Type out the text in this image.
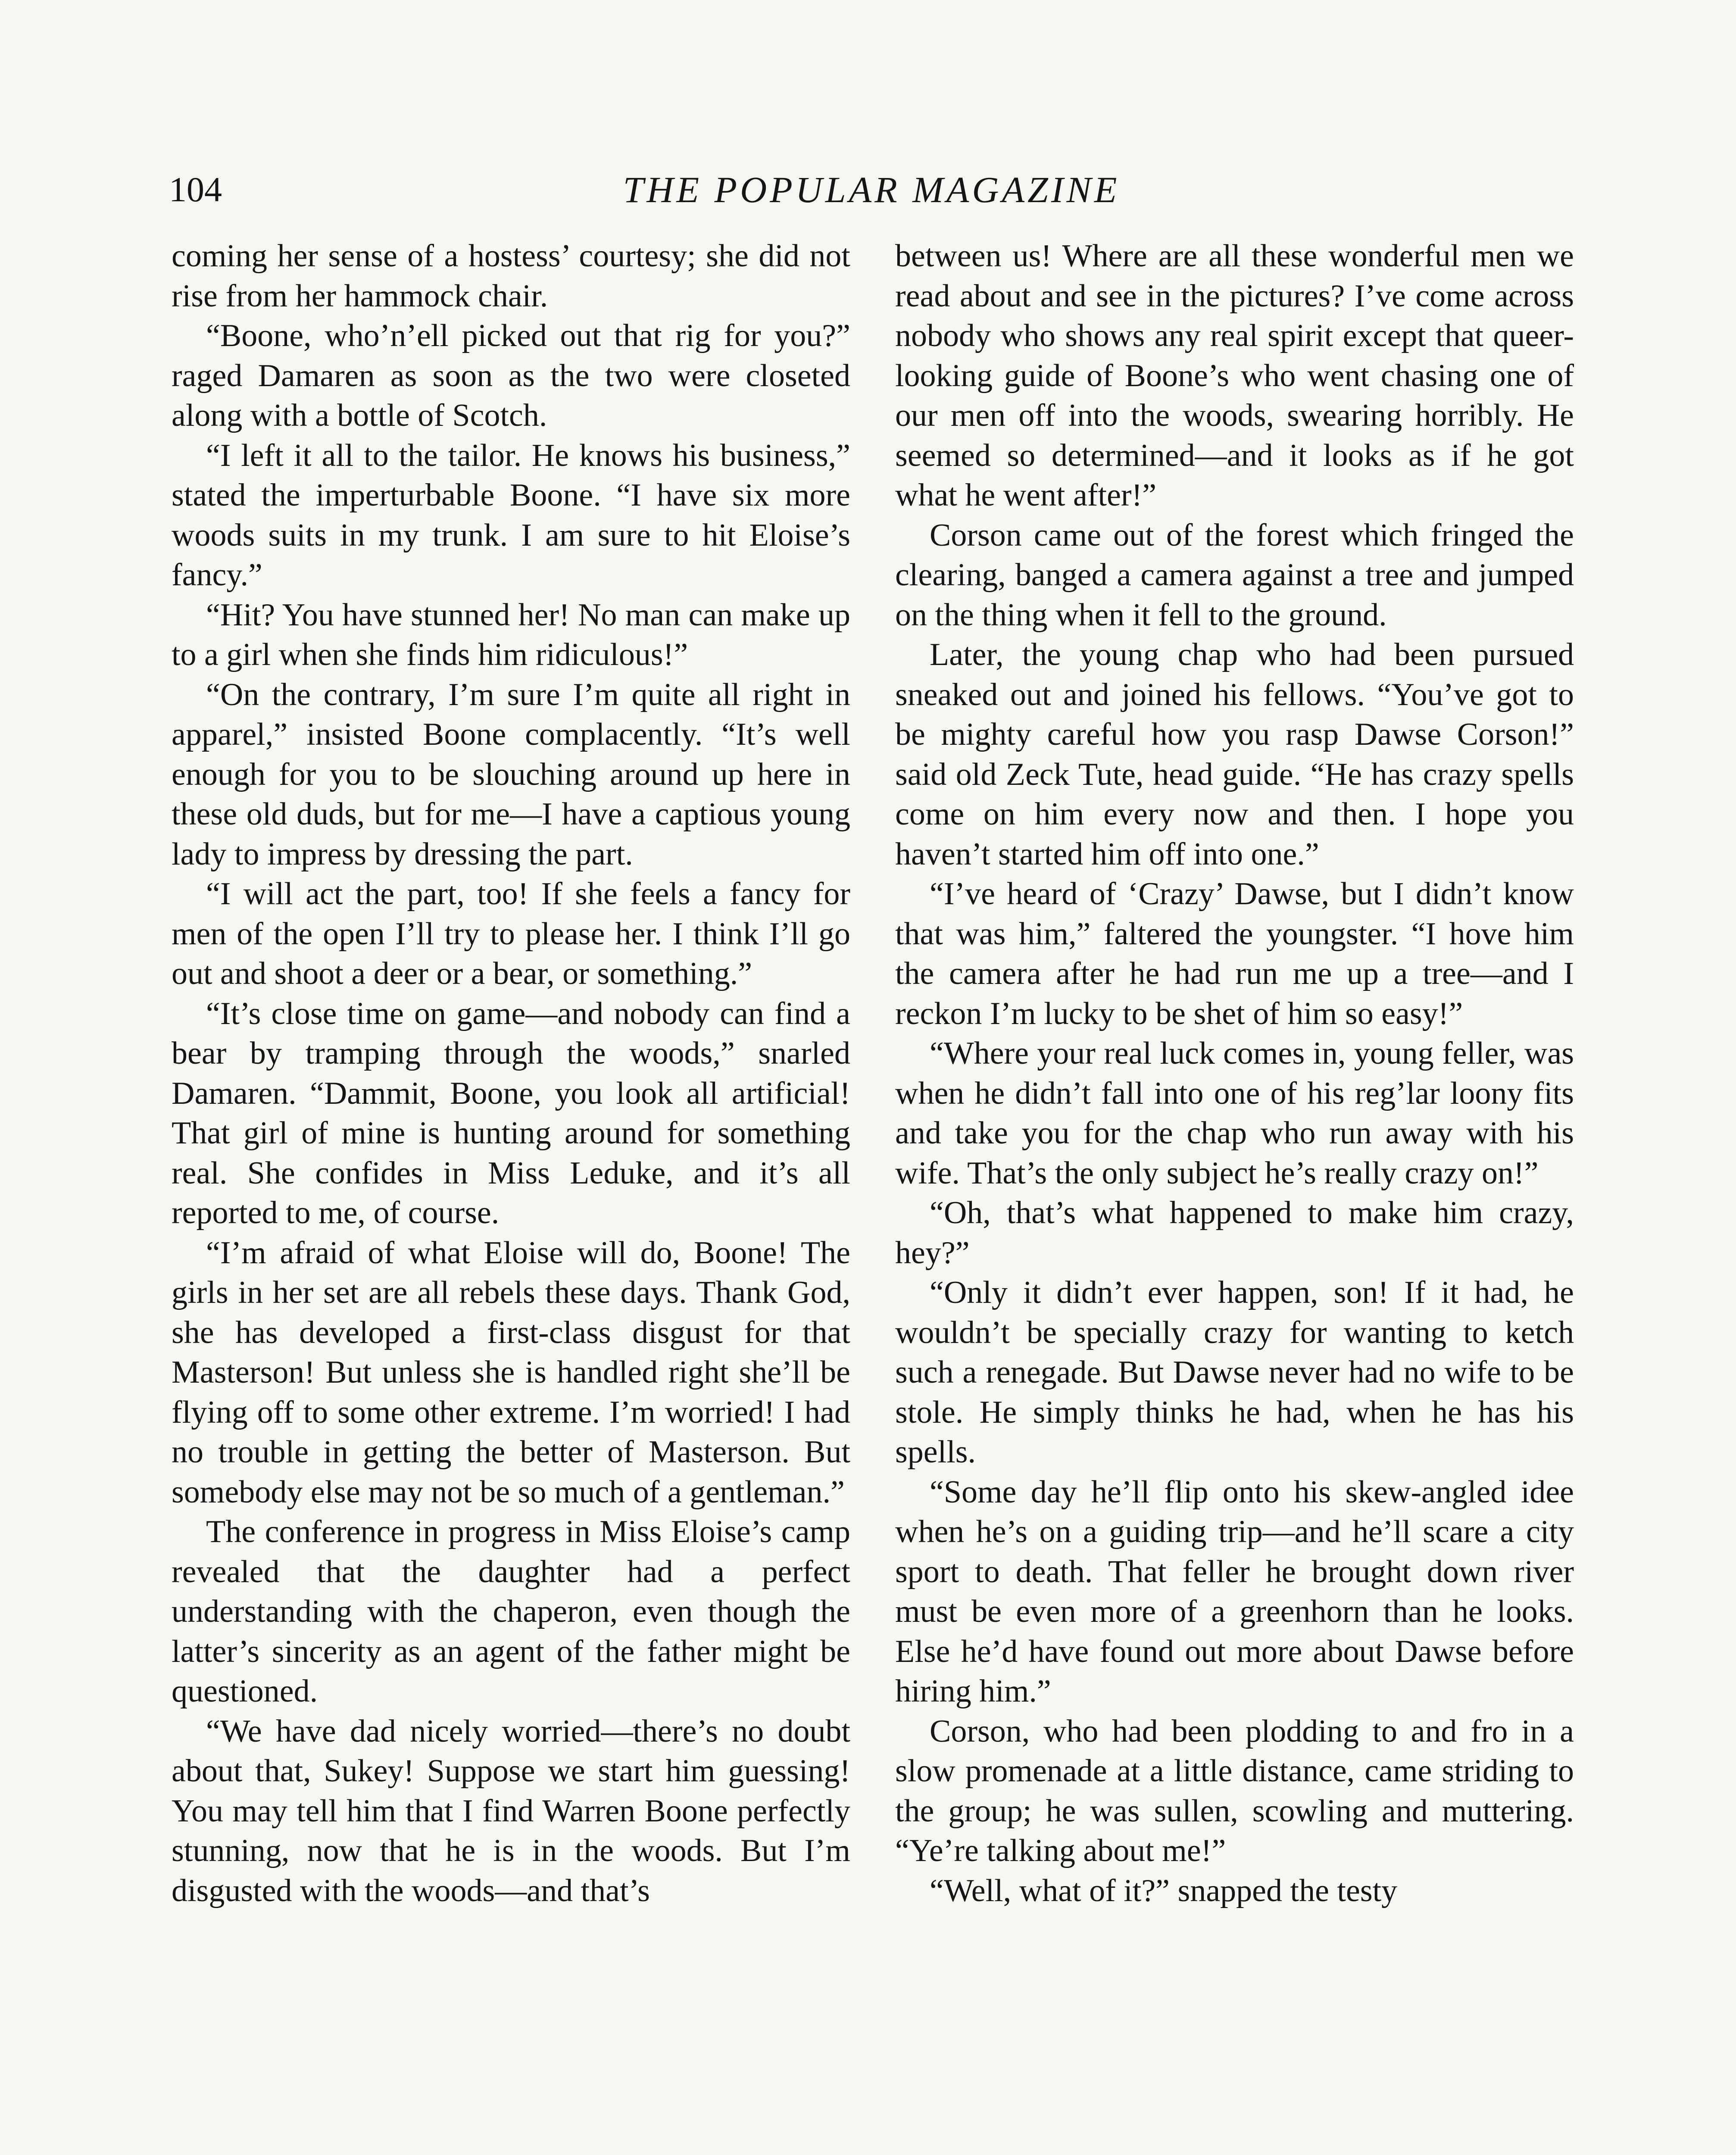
104	THE POPULAR MAGAZINE

coming her sense of a hostess’ courtesy; she did not rise from her hammock chair.

“Boone, who’n’ell picked out that rig for you?” raged Damaren as soon as the two were closeted along with a bottle of Scotch.

“I left it all to the tailor. He knows his business,” stated the imperturbable Boone. “I have six more woods suits in my trunk. I am sure to hit Eloise’s fancy.”

“Hit? You have stunned her! No man can make up to a girl when she finds him ridiculous!”

“On the contrary, I’m sure I’m quite all right in apparel,” insisted Boone complacently. “It’s well enough for you to be slouching around up here in these old duds, but for me—I have a captious young lady to impress by dressing the part.

“I will act the part, too! If she feels a fancy for men of the open I’ll try to please her. I think I’ll go out and shoot a deer or a bear, or something.”

“It’s close time on game—and nobody can find a bear by tramping through the woods,” snarled Damaren. “Dammit, Boone, you look all artificial! That girl of mine is hunting around for something real. She confides in Miss Leduke, and it’s all reported to me, of course.

“I’m afraid of what Eloise will do, Boone! The girls in her set are all rebels these days. Thank God, she has developed a first-class disgust for that Masterson! But unless she is handled right she’ll be flying off to some other extreme. I’m worried! I had no trouble in getting the better of Masterson. But somebody else may not be so much of a gentleman.”

The conference in progress in Miss Eloise’s camp revealed that the daughter had a perfect understanding with the chaperon, even though the latter’s sincerity as an agent of the father might be questioned.

“We have dad nicely worried—there’s no doubt about that, Sukey! Suppose we start him guessing! You may tell him that I find Warren Boone perfectly stunning, now that he is in the woods. But I’m disgusted with the woods—and that’s

between us! Where are all these wonderful men we read about and see in the pictures? I’ve come across nobody who shows any real spirit except that queer-looking guide of Boone’s who went chasing one of our men off into the woods, swearing horribly. He seemed so determined—and it looks as if he got what he went after!”

Corson came out of the forest which fringed the clearing, banged a camera against a tree and jumped on the thing when it fell to the ground.

Later, the young chap who had been pursued sneaked out and joined his fellows. “You’ve got to be mighty careful how you rasp Dawse Corson!” said old Zeck Tute, head guide. “He has crazy spells come on him every now and then. I hope you haven’t started him off into one.”

“I’ve heard of ‘Crazy’ Dawse, but I didn’t know that was him,” faltered the youngster. “I hove him the camera after he had run me up a tree—and I reckon I’m lucky to be shet of him so easy!”

“Where your real luck comes in, young feller, was when he didn’t fall into one of his reg’lar loony fits and take you for the chap who run away with his wife. That’s the only subject he’s really crazy on!”

“Oh, that’s what happened to make him crazy, hey?”

“Only it didn’t ever happen, son! If it had, he wouldn’t be specially crazy for wanting to ketch such a renegade. But Dawse never had no wife to be stole. He simply thinks he had, when he has his spells.

“Some day he’ll flip onto his skew-angled idee when he’s on a guiding trip—and he’ll scare a city sport to death. That feller he brought down river must be even more of a greenhorn than he looks. Else he’d have found out more about Dawse before hiring him.”

Corson, who had been plodding to and fro in a slow promenade at a little distance, came striding to the group; he was sullen, scowling and muttering. “Ye’re talking about me!”

“Well, what of it?” snapped the testy
